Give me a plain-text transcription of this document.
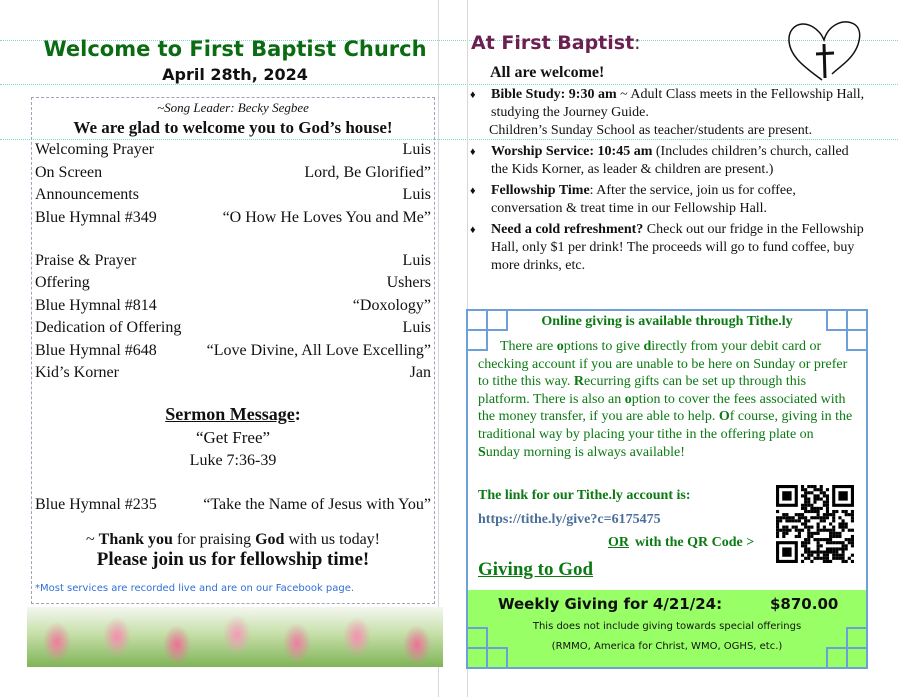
Welcome to First Baptist Church
April 28th, 2024
~Song Leader: Becky Segbee
We are glad to welcome you to God’s house!
Welcoming Prayer	Luis
On Screen	Lord, Be Glorified”
Announcements	Luis
Blue Hymnal #349	“O How He Loves You and Me”
Praise & Prayer	Luis
Offering	Ushers
Blue Hymnal #814	“Doxology”
Dedication of Offering	Luis
Blue Hymnal #648	“Love Divine, All Love Excelling”
Kid’s Korner	Jan
Sermon Message:
“Get Free”
Luke 7:36-39
Blue Hymnal #235	“Take the Name of Jesus with You”
~ Thank you for praising God with us today!
Please join us for fellowship time!
*Most services are recorded live and are on our Facebook page.
At First Baptist:
All are welcome!
♦	Bible Study: 9:30 am ~ Adult Class meets in the Fellowship Hall, studying the Journey Guide.
Children’s Sunday School as teacher/students are present.
♦	Worship Service: 10:45 am (Includes children’s church, called the Kids Korner, as leader & children are present.)
♦	Fellowship Time: After the service, join us for coffee, conversation & treat time in our Fellowship Hall.
♦	Need a cold refreshment? Check out our fridge in the Fellowship Hall, only $1 per drink! The proceeds will go to fund coffee, buy more drinks, etc.
Online giving is available through Tithe.ly
There are options to give directly from your debit card or checking account if you are unable to be here on Sunday or prefer to tithe this way. Recurring gifts can be set up through this platform. There is also an option to cover the fees associated with the money transfer, if you are able to help. Of course, giving in the traditional way by placing your tithe in the offering plate on Sunday morning is always available!
The link for our Tithe.ly account is:
https://tithe.ly/give?c=6175475
OR with the QR Code >
Giving to God
Weekly Giving for 4/21/24:	$870.00
This does not include giving towards special offerings
(RMMO, America for Christ, WMO, OGHS, etc.)
